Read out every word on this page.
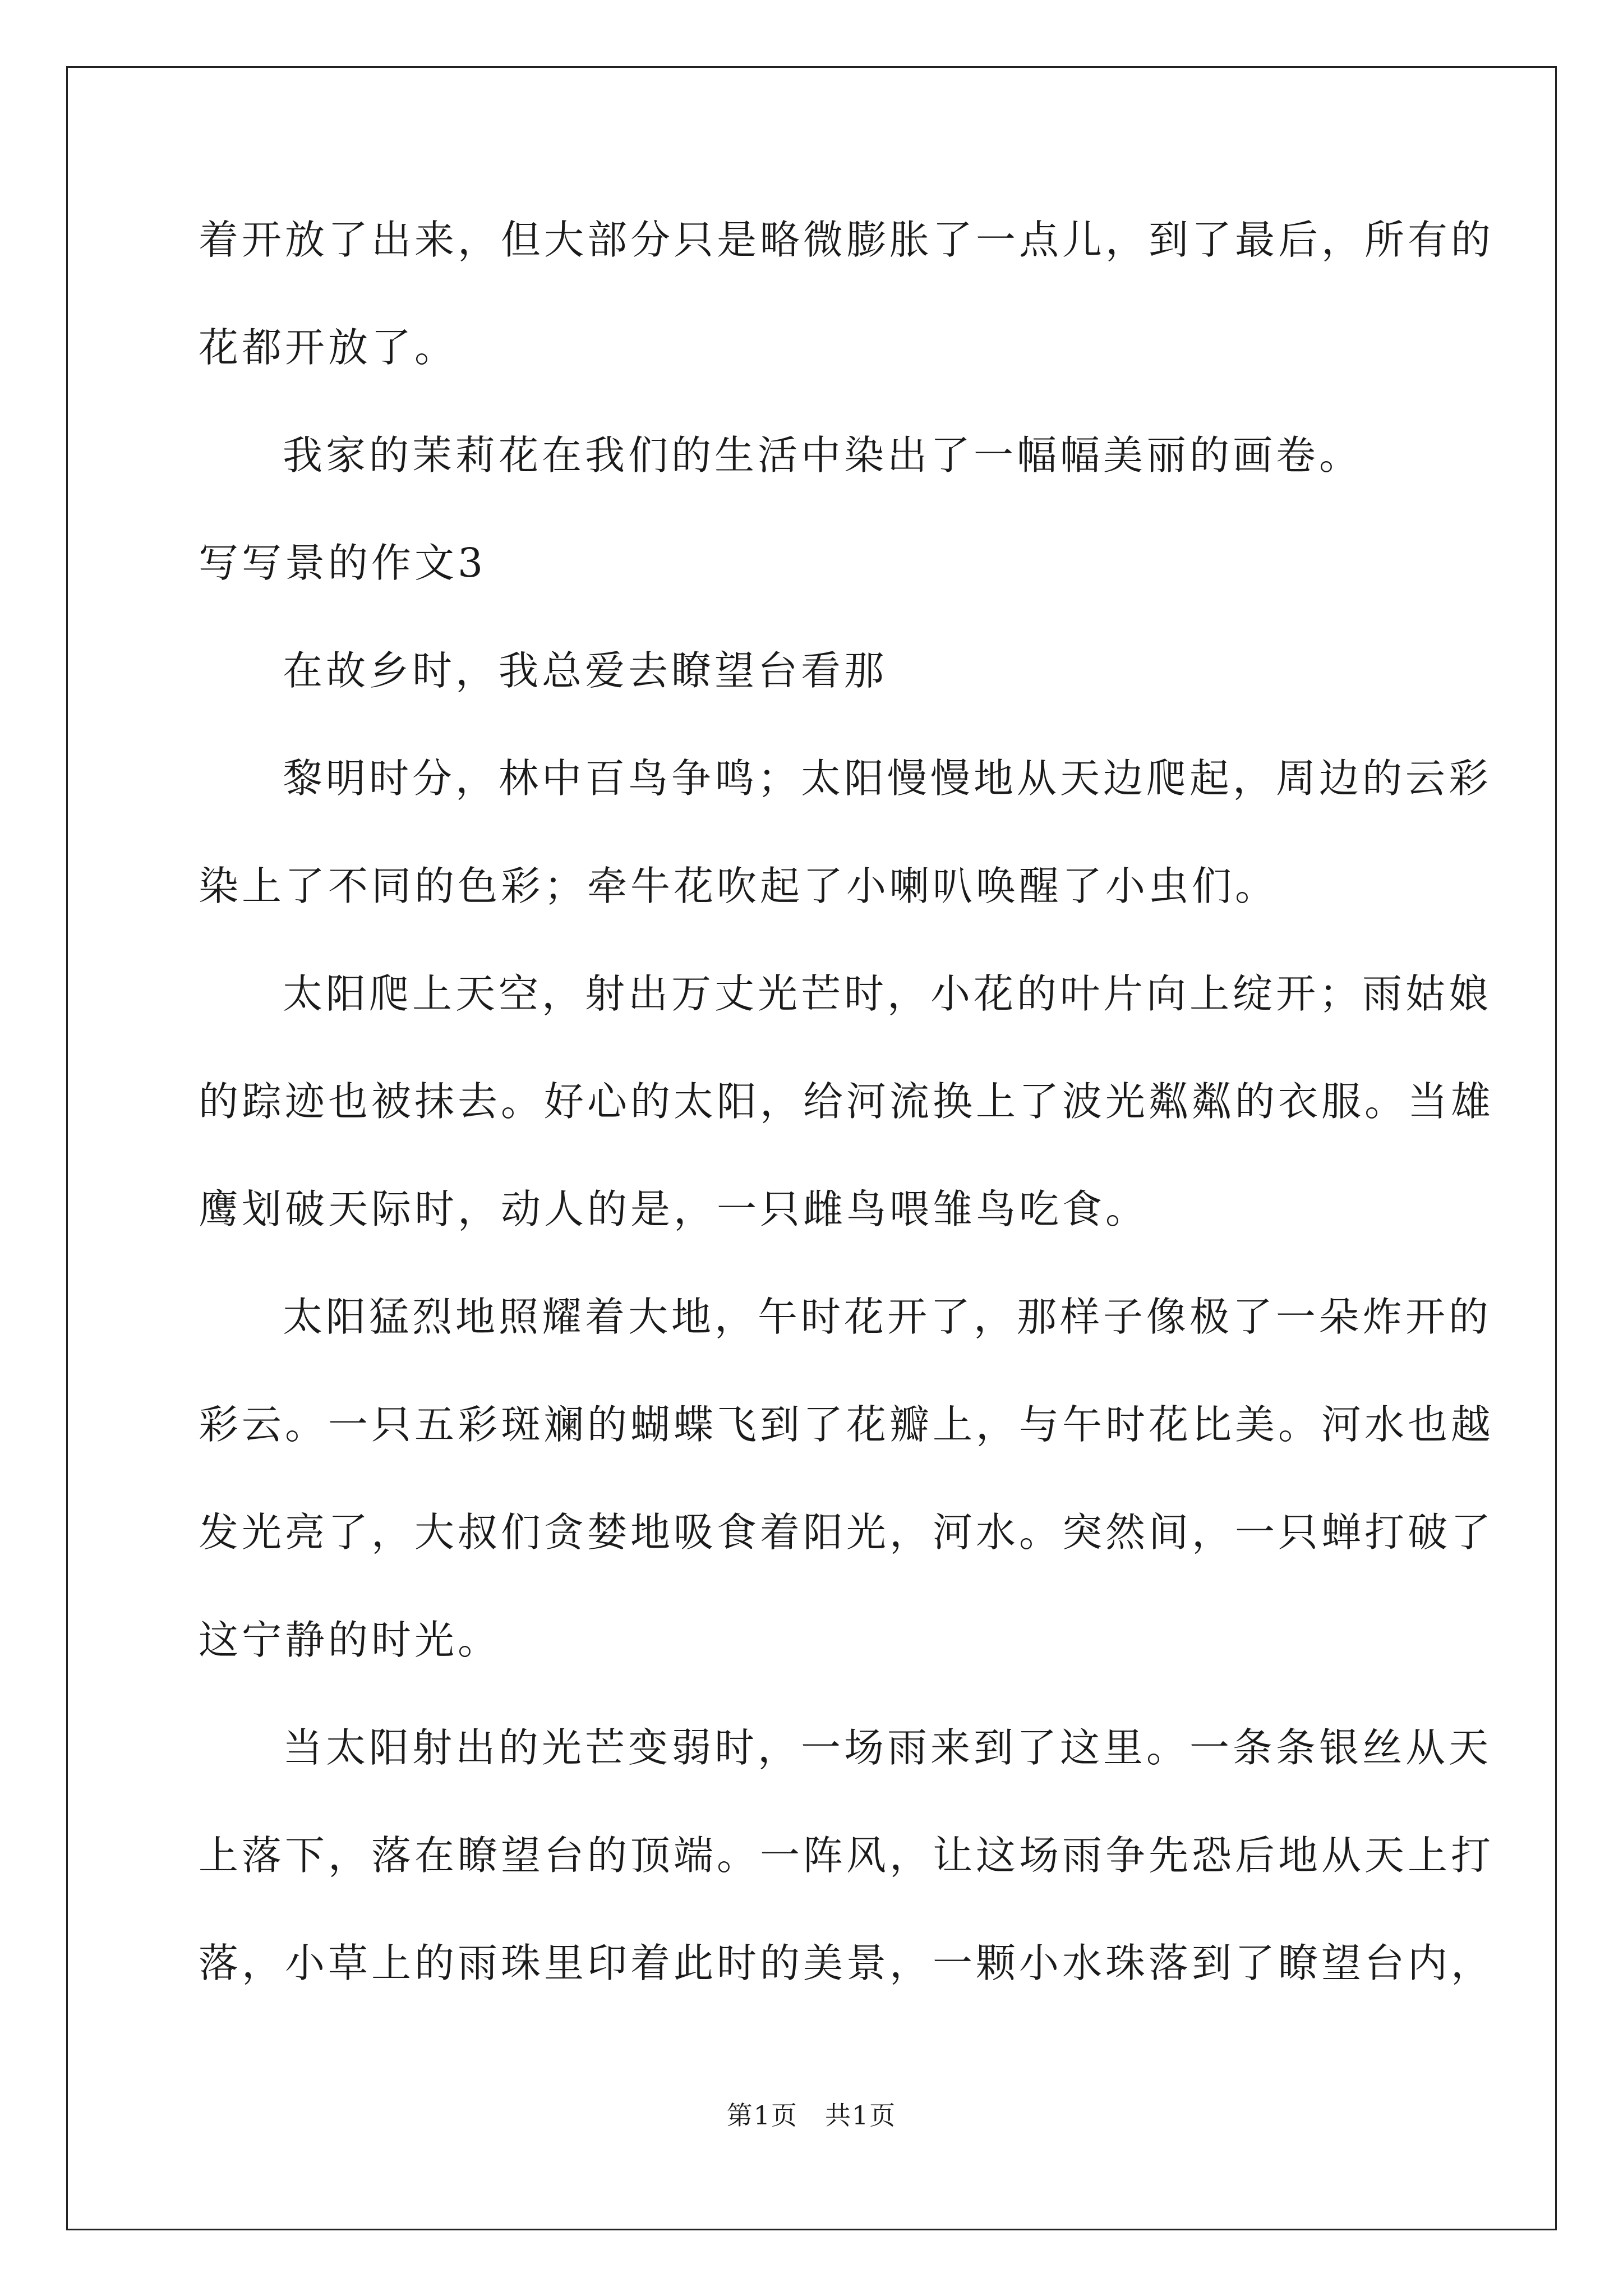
着开放了出来，但大部分只是略微膨胀了一点儿，到了最后，所有的
花都开放了。
我家的茉莉花在我们的生活中染出了一幅幅美丽的画卷。
写写景的作文3
在故乡时，我总爱去瞭望台看那
黎明时分，林中百鸟争鸣；太阳慢慢地从天边爬起，周边的云彩
染上了不同的色彩；牵牛花吹起了小喇叭唤醒了小虫们。
太阳爬上天空，射出万丈光芒时，小花的叶片向上绽开；雨姑娘
的踪迹也被抹去。好心的太阳，给河流换上了波光粼粼的衣服。当雄
鹰划破天际时，动人的是，一只雌鸟喂雏鸟吃食。
太阳猛烈地照耀着大地，午时花开了，那样子像极了一朵炸开的
彩云。一只五彩斑斓的蝴蝶飞到了花瓣上，与午时花比美。河水也越
发光亮了，大叔们贪婪地吸食着阳光，河水。突然间，一只蝉打破了
这宁静的时光。
当太阳射出的光芒变弱时，一场雨来到了这里。一条条银丝从天
上落下，落在瞭望台的顶端。一阵风，让这场雨争先恐后地从天上打
落，小草上的雨珠里印着此时的美景，一颗小水珠落到了瞭望台内，
第1页　共1页
